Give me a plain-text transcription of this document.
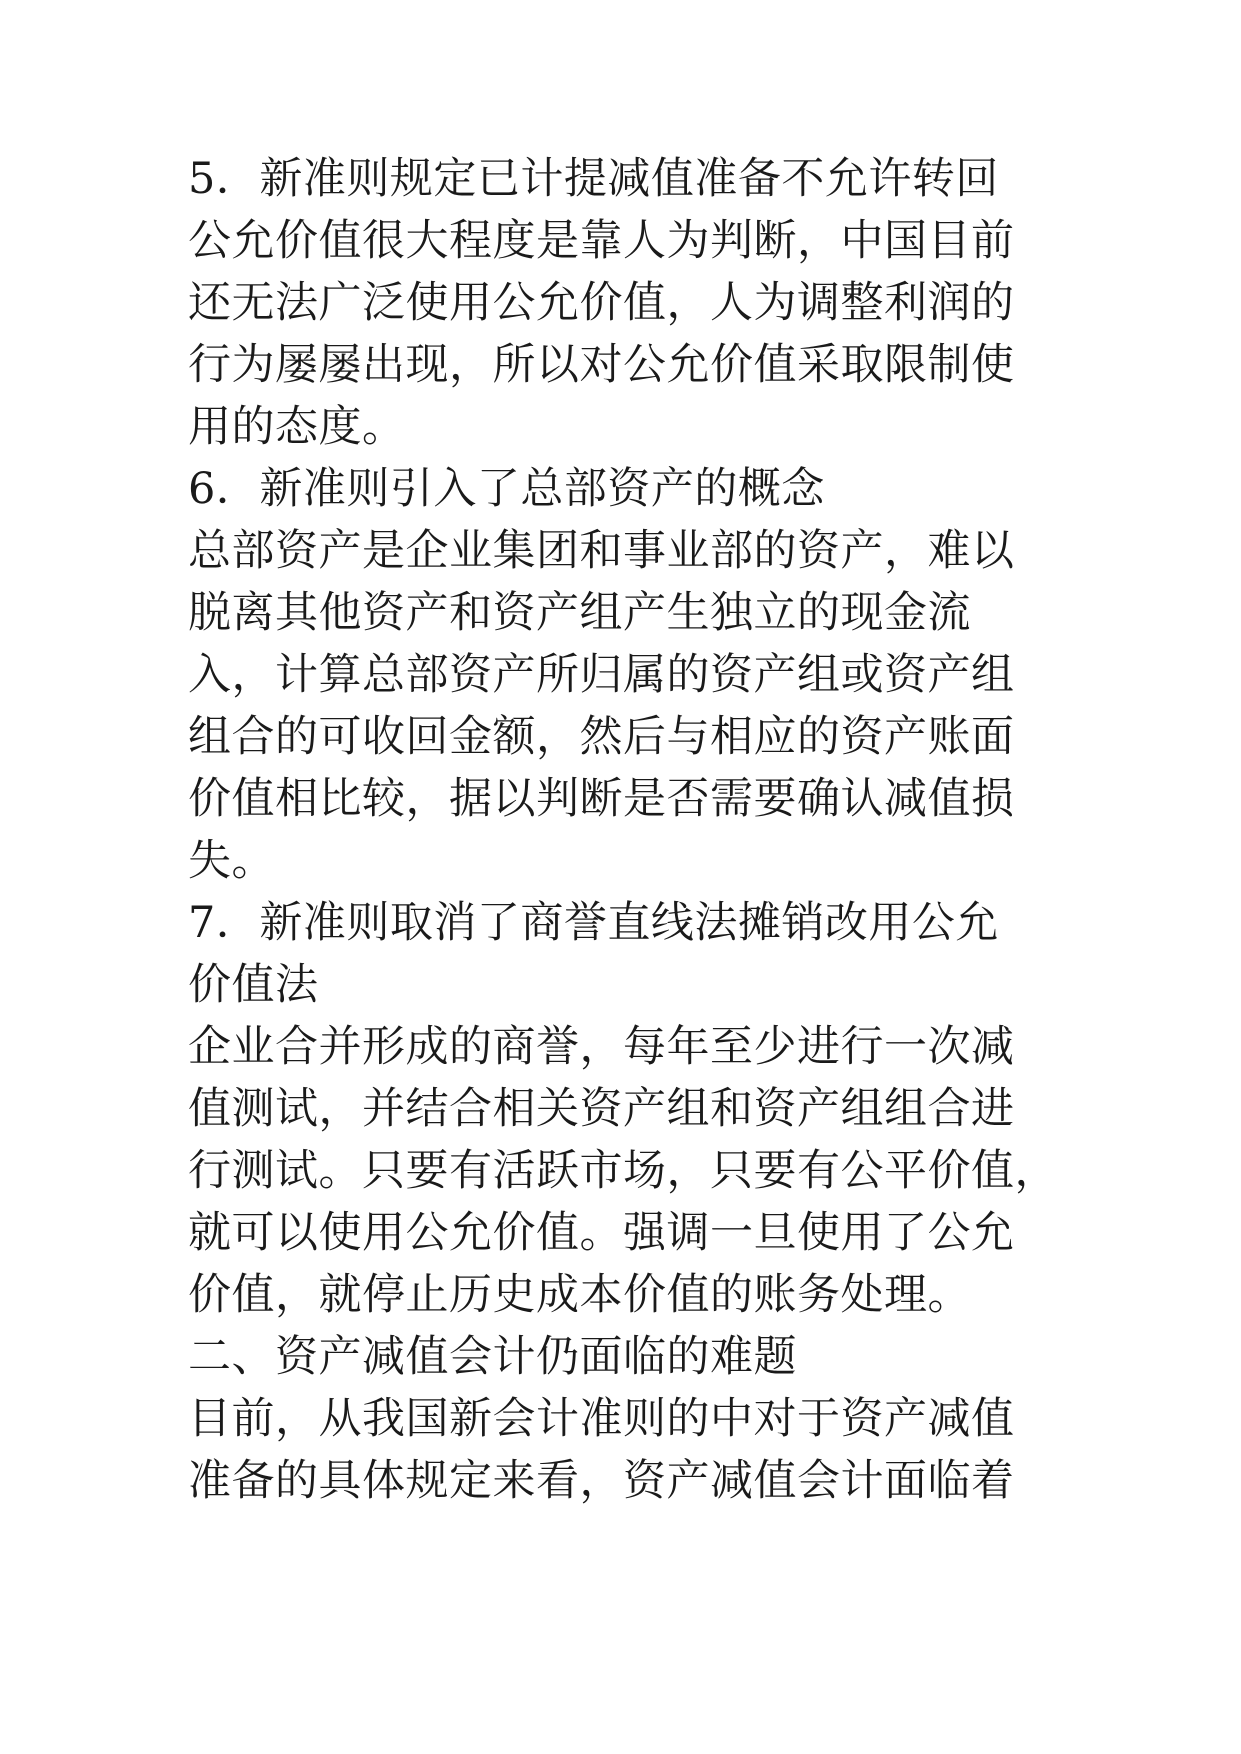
5．新准则规定已计提减值准备不允许转回
公允价值很大程度是靠人为判断，中国目前
还无法广泛使用公允价值，人为调整利润的
行为屡屡出现，所以对公允价值采取限制使
用的态度。
6．新准则引入了总部资产的概念
总部资产是企业集团和事业部的资产，难以
脱离其他资产和资产组产生独立的现金流
入，计算总部资产所归属的资产组或资产组
组合的可收回金额，然后与相应的资产账面
价值相比较，据以判断是否需要确认减值损
失。
7．新准则取消了商誉直线法摊销改用公允
价值法
企业合并形成的商誉，每年至少进行一次减
值测试，并结合相关资产组和资产组组合进
行测试。只要有活跃市场，只要有公平价值，
就可以使用公允价值。强调一旦使用了公允
价值，就停止历史成本价值的账务处理。
二、资产减值会计仍面临的难题
目前，从我国新会计准则的中对于资产减值
准备的具体规定来看，资产减值会计面临着
